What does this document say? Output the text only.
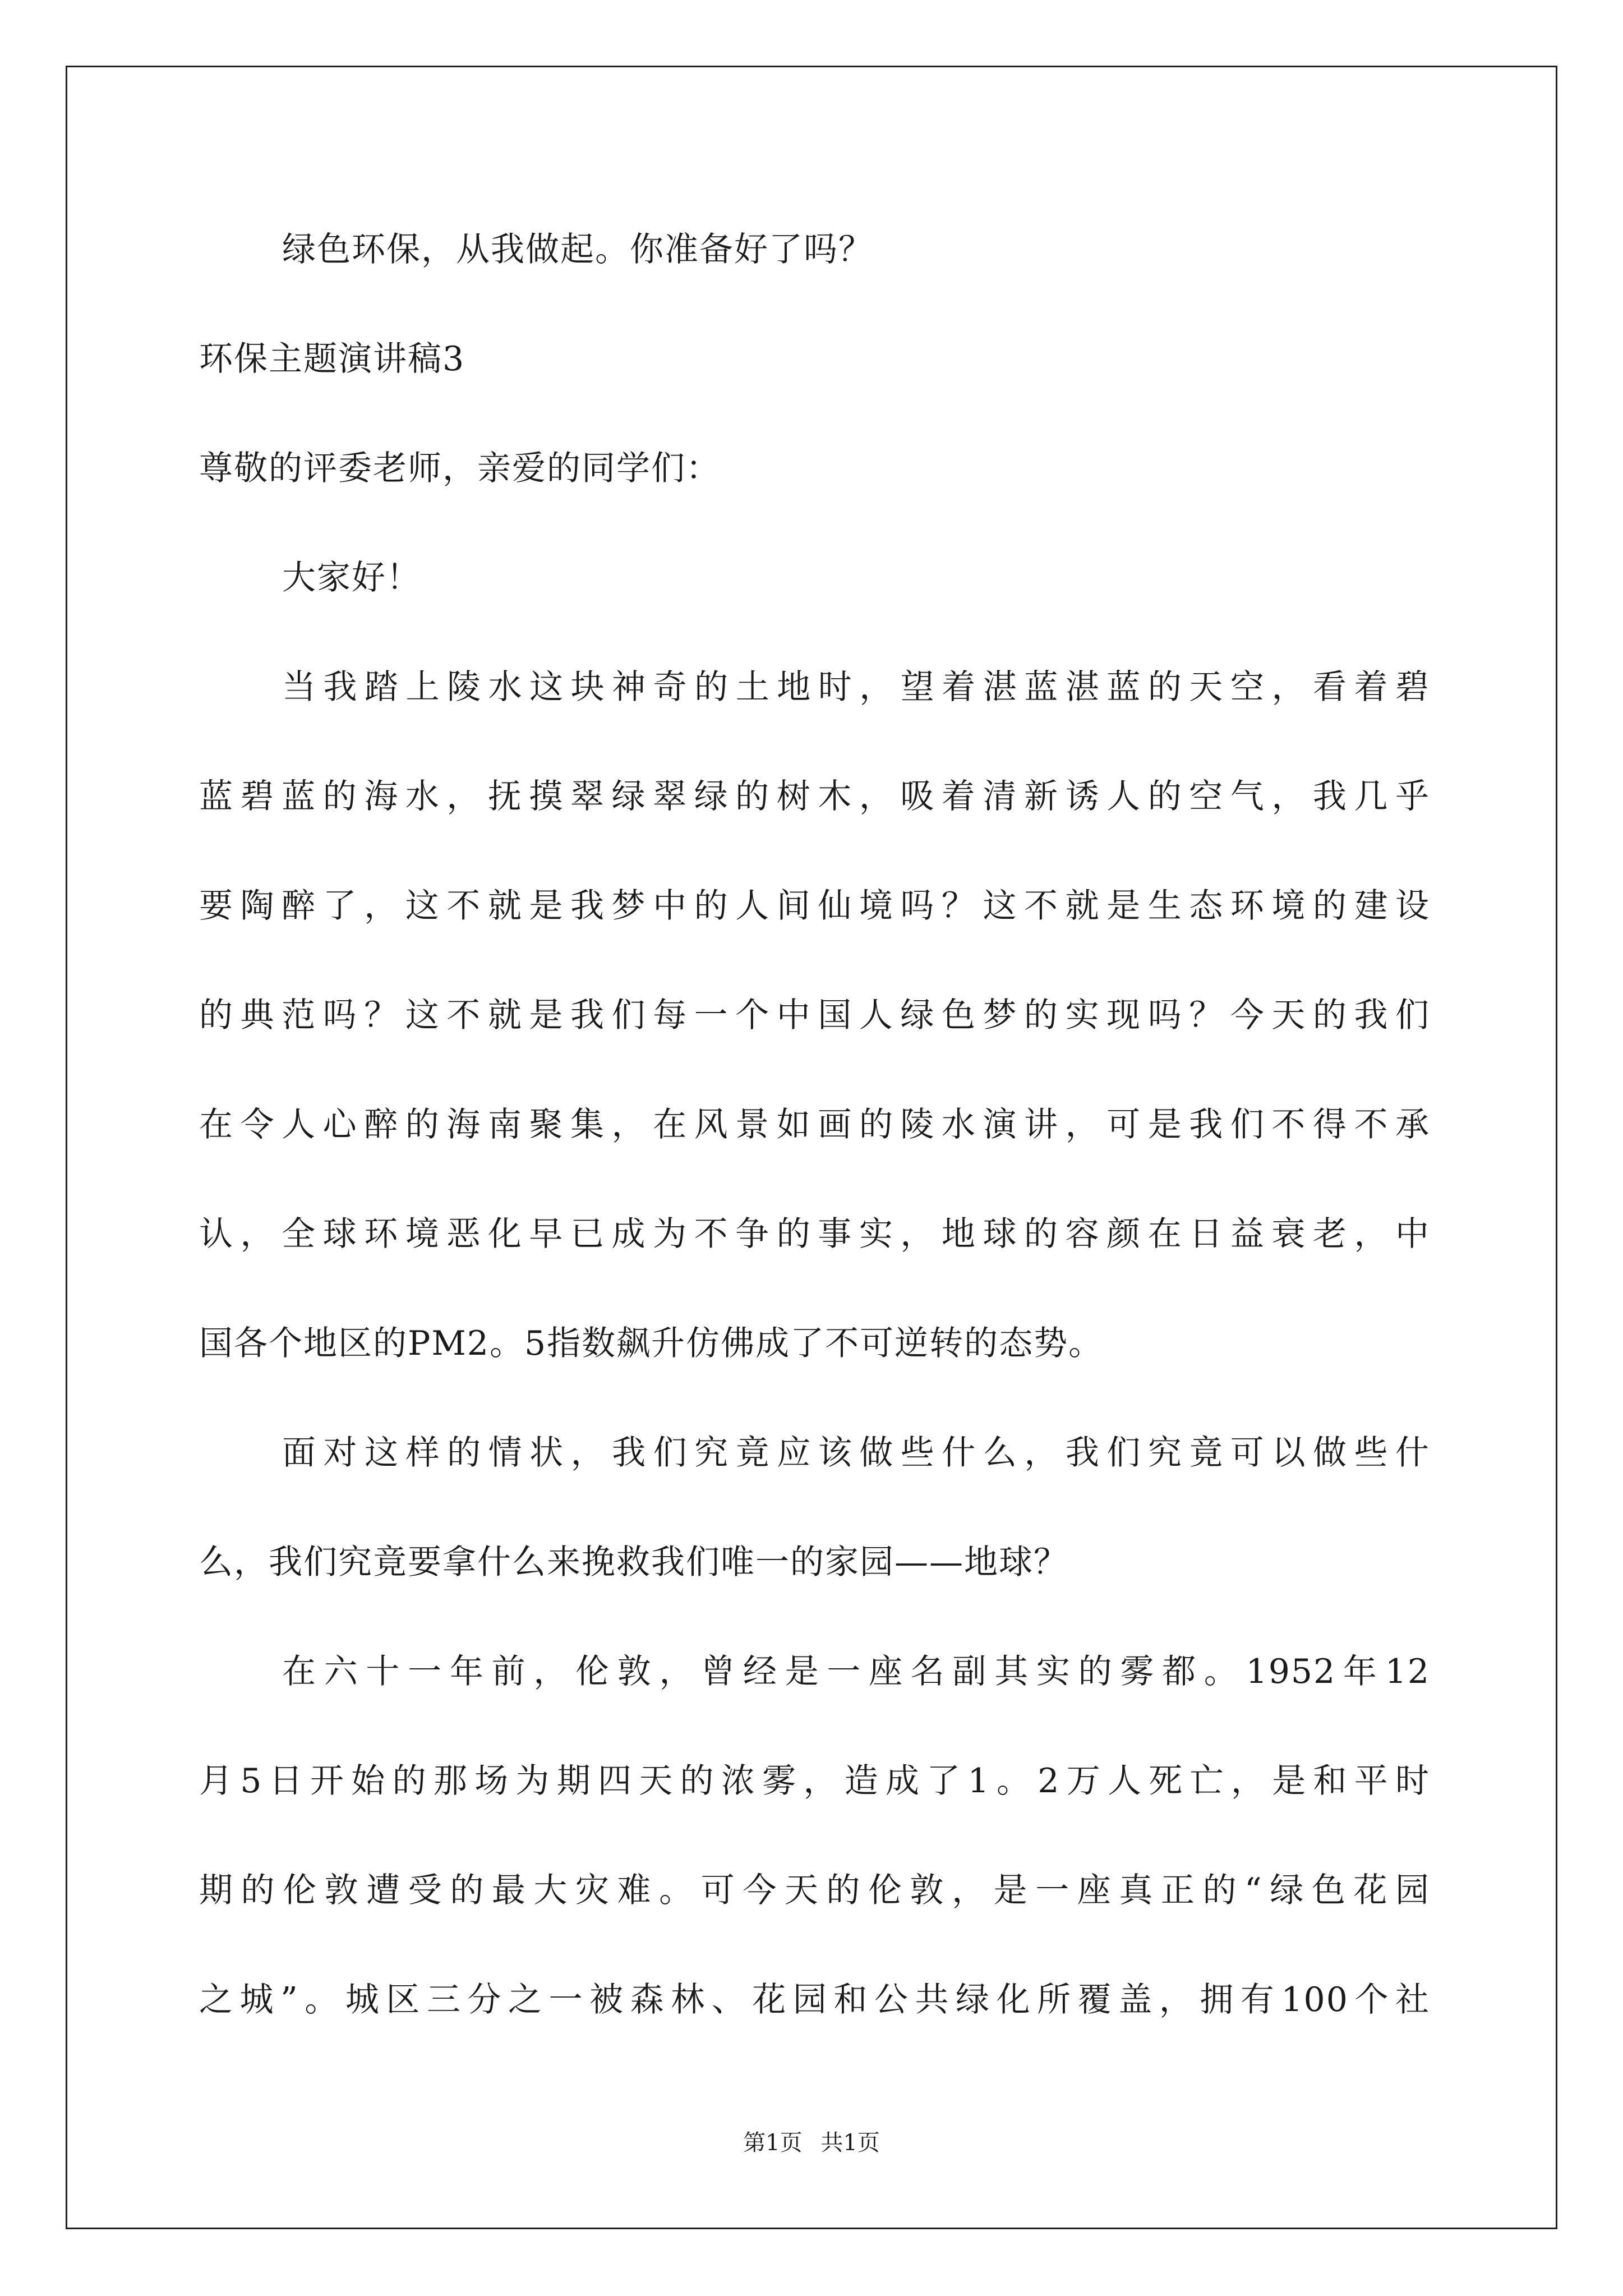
绿色环保，从我做起。你准备好了吗？
环保主题演讲稿3
尊敬的评委老师，亲爱的同学们：
大家好！
当我踏上陵水这块神奇的土地时，望着湛蓝湛蓝的天空，看着碧
蓝碧蓝的海水，抚摸翠绿翠绿的树木，吸着清新诱人的空气，我几乎
要陶醉了，这不就是我梦中的人间仙境吗？这不就是生态环境的建设
的典范吗？这不就是我们每一个中国人绿色梦的实现吗？今天的我们
在令人心醉的海南聚集，在风景如画的陵水演讲，可是我们不得不承
认，全球环境恶化早已成为不争的事实，地球的容颜在日益衰老，中
国各个地区的PM2。5指数飙升仿佛成了不可逆转的态势。
面对这样的情状，我们究竟应该做些什么，我们究竟可以做些什
么，我们究竟要拿什么来挽救我们唯一的家园——地球？
在六十一年前，伦敦，曾经是一座名副其实的雾都。1952年12
月5日开始的那场为期四天的浓雾，造成了1。2万人死亡，是和平时
期的伦敦遭受的最大灾难。可今天的伦敦，是一座真正的“绿色花园
之城”。城区三分之一被森林、花园和公共绿化所覆盖，拥有100个社
第1页 共1页
